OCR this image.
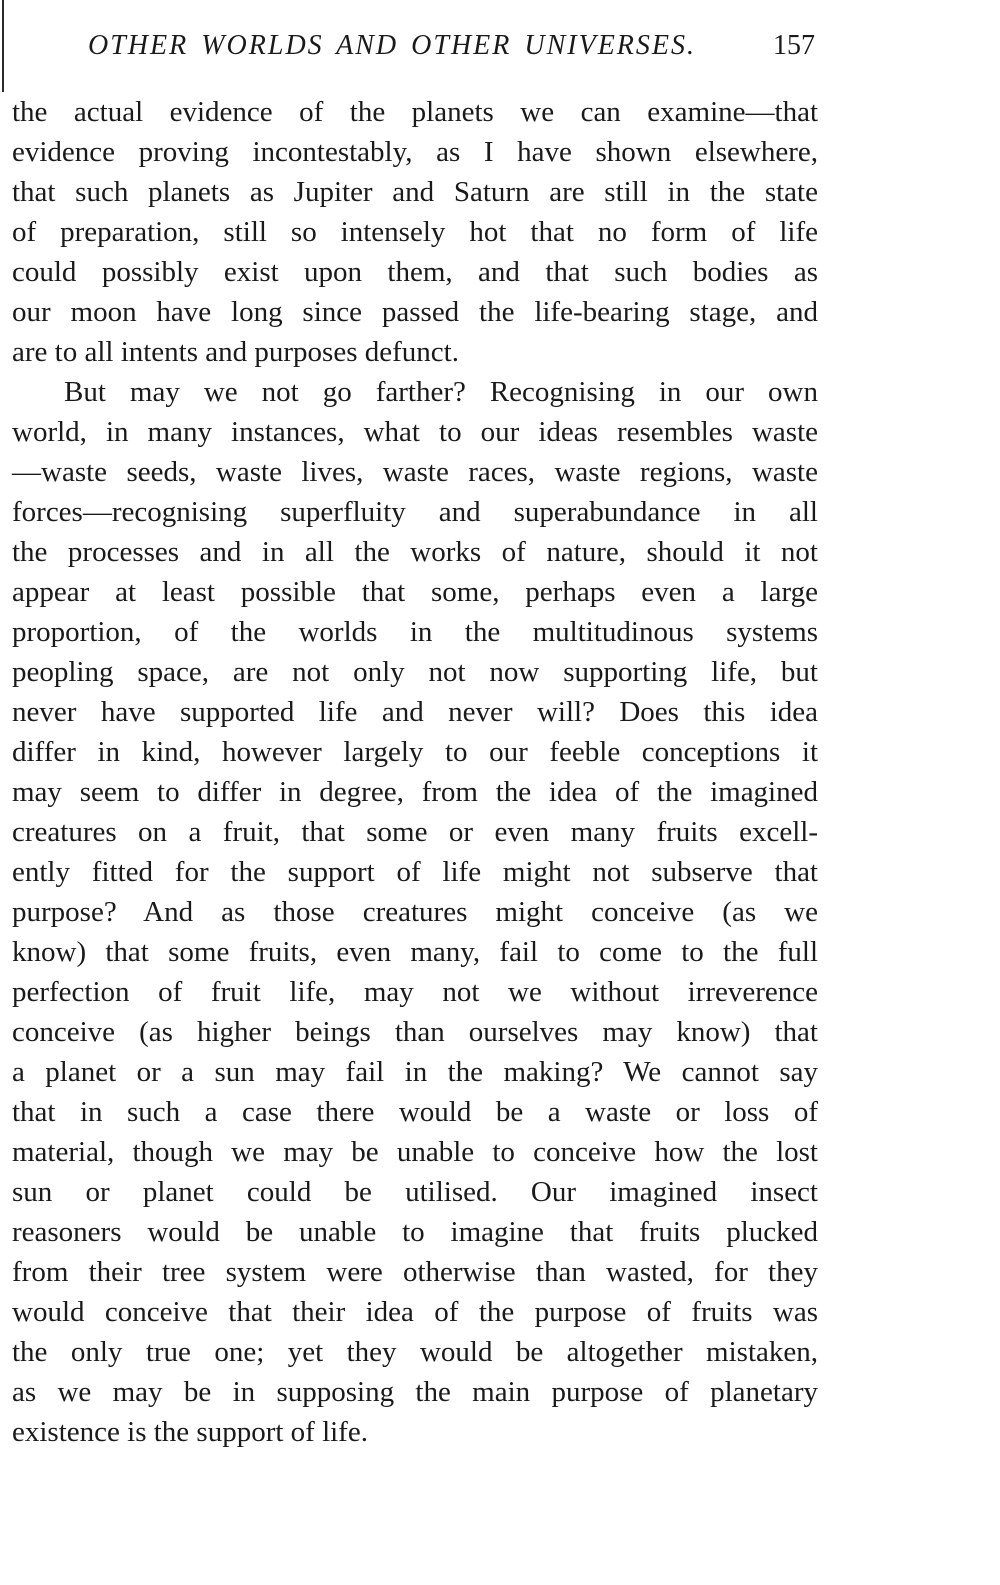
OTHER WORLDS AND OTHER UNIVERSES.	157
the actual evidence of the planets we can examine—that
evidence proving incontestably, as I have shown elsewhere,
that such planets as Jupiter and Saturn are still in the state
of preparation, still so intensely hot that no form of life
could possibly exist upon them, and that such bodies as
our moon have long since passed the life-bearing stage, and
are to all intents and purposes defunct.
But may we not go farther? Recognising in our own
world, in many instances, what to our ideas resembles waste
—waste seeds, waste lives, waste races, waste regions, waste
forces—recognising superfluity and superabundance in all
the processes and in all the works of nature, should it not
appear at least possible that some, perhaps even a large
proportion, of the worlds in the multitudinous systems
peopling space, are not only not now supporting life, but
never have supported life and never will? Does this idea
differ in kind, however largely to our feeble conceptions it
may seem to differ in degree, from the idea of the imagined
creatures on a fruit, that some or even many fruits excell-
ently fitted for the support of life might not subserve that
purpose? And as those creatures might conceive (as we
know) that some fruits, even many, fail to come to the full
perfection of fruit life, may not we without irreverence
conceive (as higher beings than ourselves may know) that
a planet or a sun may fail in the making? We cannot say
that in such a case there would be a waste or loss of
material, though we may be unable to conceive how the lost
sun or planet could be utilised. Our imagined insect
reasoners would be unable to imagine that fruits plucked
from their tree system were otherwise than wasted, for they
would conceive that their idea of the purpose of fruits was
the only true one; yet they would be altogether mistaken,
as we may be in supposing the main purpose of planetary
existence is the support of life.
